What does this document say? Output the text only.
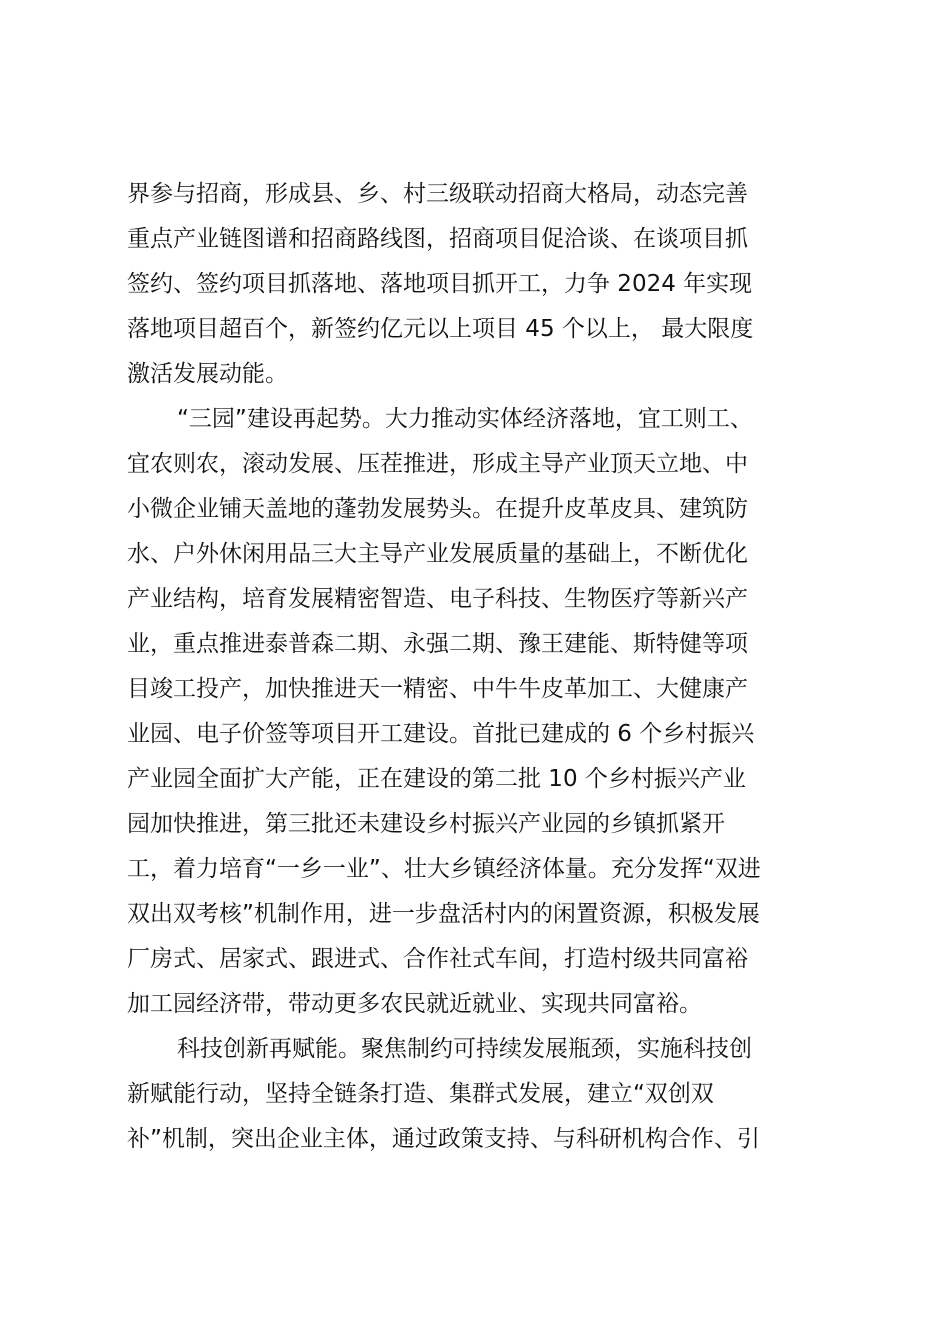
界参与招商，形成县、乡、村三级联动招商大格局，动态完善
重点产业链图谱和招商路线图，招商项目促洽谈、在谈项目抓
签约、签约项目抓落地、落地项目抓开工，力争 2024 年实现
落地项目超百个，新签约亿元以上项目 45 个以上， 最大限度
激活发展动能。
“三园”建设再起势。大力推动实体经济落地，宜工则工、
宜农则农，滚动发展、压茬推进，形成主导产业顶天立地、中
小微企业铺天盖地的蓬勃发展势头。在提升皮革皮具、建筑防
水、户外休闲用品三大主导产业发展质量的基础上，不断优化
产业结构，培育发展精密智造、电子科技、生物医疗等新兴产
业，重点推进泰普森二期、永强二期、豫王建能、斯特健等项
目竣工投产，加快推进天一精密、中牛牛皮革加工、大健康产
业园、电子价签等项目开工建设。首批已建成的 6 个乡村振兴
产业园全面扩大产能，正在建设的第二批 10 个乡村振兴产业
园加快推进，第三批还未建设乡村振兴产业园的乡镇抓紧开
工，着力培育“一乡一业”、壮大乡镇经济体量。充分发挥“双进
双出双考核”机制作用，进一步盘活村内的闲置资源，积极发展
厂房式、居家式、跟进式、合作社式车间，打造村级共同富裕
加工园经济带，带动更多农民就近就业、实现共同富裕。
科技创新再赋能。聚焦制约可持续发展瓶颈，实施科技创
新赋能行动，坚持全链条打造、集群式发展，建立“双创双
补”机制，突出企业主体，通过政策支持、与科研机构合作、引
